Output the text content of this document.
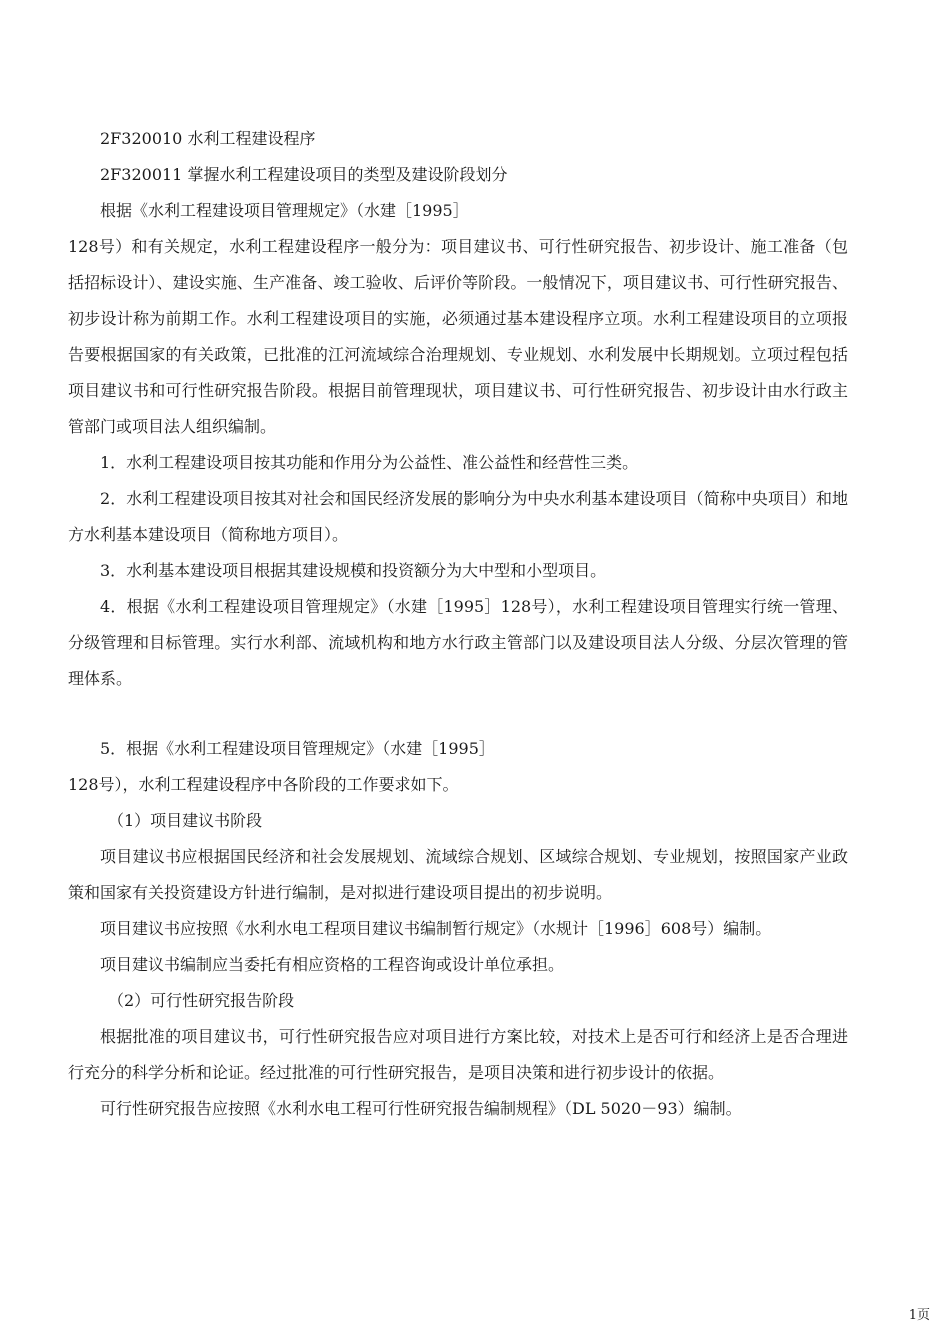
2F320010 水利工程建设程序

2F320011 掌握水利工程建设项目的类型及建设阶段划分

根据《水利工程建设项目管理规定》（水建［1995］

128号）和有关规定，水利工程建设程序一般分为：项目建议书、可行性研究报告、初步设计、施工准备（包括招标设计）、建设实施、生产准备、竣工验收、后评价等阶段。一般情况下，项目建议书、可行性研究报告、初步设计称为前期工作。水利工程建设项目的实施，必须通过基本建设程序立项。水利工程建设项目的立项报告要根据国家的有关政策，已批准的江河流域综合治理规划、专业规划、水利发展中长期规划。立项过程包括项目建议书和可行性研究报告阶段。根据目前管理现状，项目建议书、可行性研究报告、初步设计由水行政主管部门或项目法人组织编制。

1．水利工程建设项目按其功能和作用分为公益性、准公益性和经营性三类。

2．水利工程建设项目按其对社会和国民经济发展的影响分为中央水利基本建设项目（简称中央项目）和地方水利基本建设项目（简称地方项目）。

3．水利基本建设项目根据其建设规模和投资额分为大中型和小型项目。

4．根据《水利工程建设项目管理规定》（水建［1995］128号），水利工程建设项目管理实行统一管理、分级管理和目标管理。实行水利部、流域机构和地方水行政主管部门以及建设项目法人分级、分层次管理的管理体系。

5．根据《水利工程建设项目管理规定》（水建［1995］

128号），水利工程建设程序中各阶段的工作要求如下。

（1）项目建议书阶段

项目建议书应根据国民经济和社会发展规划、流域综合规划、区域综合规划、专业规划，按照国家产业政策和国家有关投资建设方针进行编制，是对拟进行建设项目提出的初步说明。

项目建议书应按照《水利水电工程项目建议书编制暂行规定》（水规计［1996］608号）编制。

项目建议书编制应当委托有相应资格的工程咨询或设计单位承担。

（2）可行性研究报告阶段

根据批准的项目建议书，可行性研究报告应对项目进行方案比较，对技术上是否可行和经济上是否合理进行充分的科学分析和论证。经过批准的可行性研究报告，是项目决策和进行初步设计的依据。

可行性研究报告应按照《水利水电工程可行性研究报告编制规程》（DL 5020－93）编制。

1页
